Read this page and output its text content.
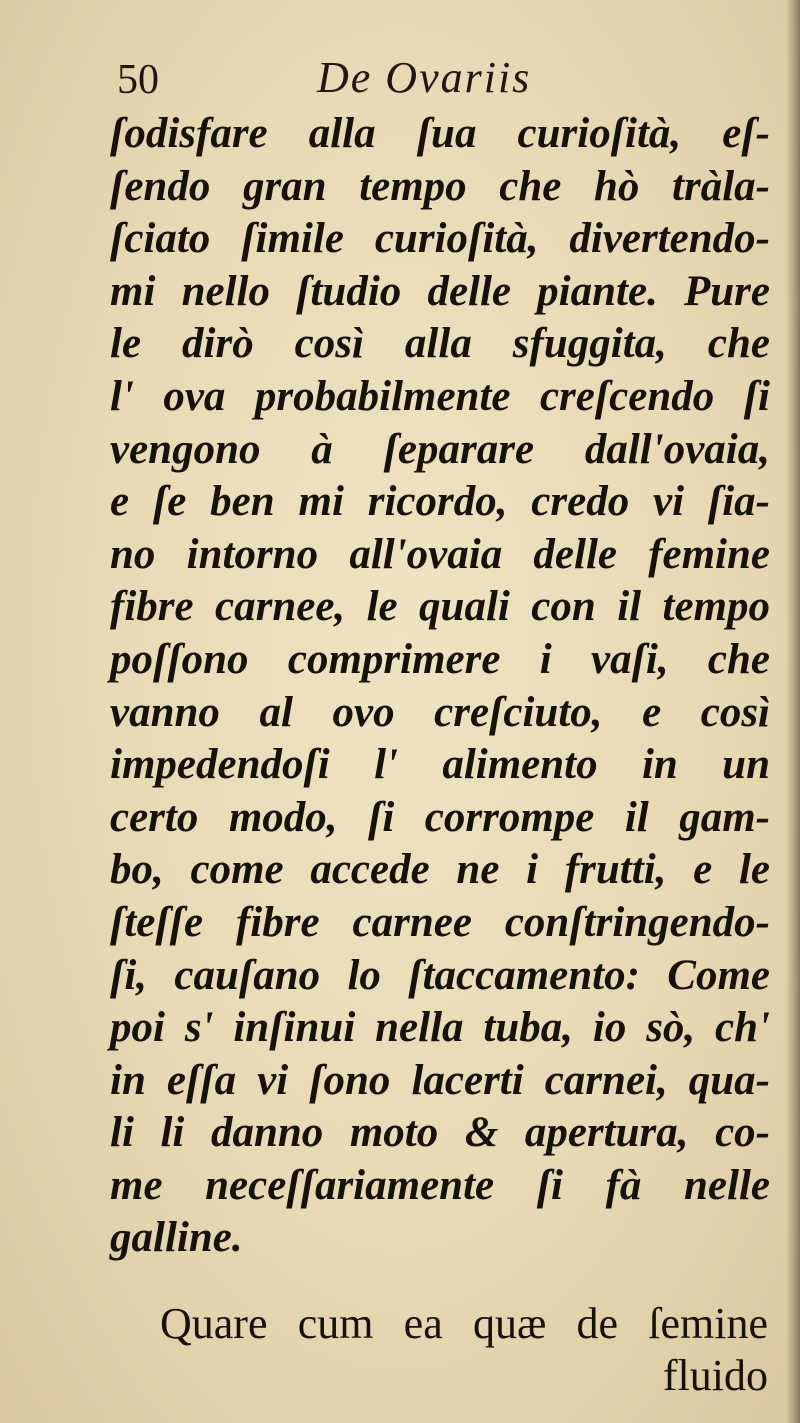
50	De Ovariis
ſodisfare alla ſua curioſità, eſ-
ſendo gran tempo che hò tràla-
ſciato ſimile curioſità, divertendo-
mi nello ſtudio delle piante. Pure
le dirò così alla sfuggita, che
l' ova probabilmente creſcendo ſi
vengono à ſeparare dall'ovaia,
e ſe ben mi ricordo, credo vi ſia-
no intorno all'ovaia delle femine
fibre carnee, le quali con il tempo
poſſono comprimere i vaſi, che
vanno al ovo creſciuto, e così
impedendoſi l' alimento in un
certo modo, ſi corrompe il gam-
bo, come accede ne i frutti, e le
ſteſſe fibre carnee conſtringendo-
ſi, cauſano lo ſtaccamento: Come
poi s' inſinui nella tuba, io sò, ch'
in eſſa vi ſono lacerti carnei, qua-
li li danno moto & apertura, co-
me neceſſariamente ſi fà nelle
galline.
Quare cum ea quæ de ſemine
fluido
